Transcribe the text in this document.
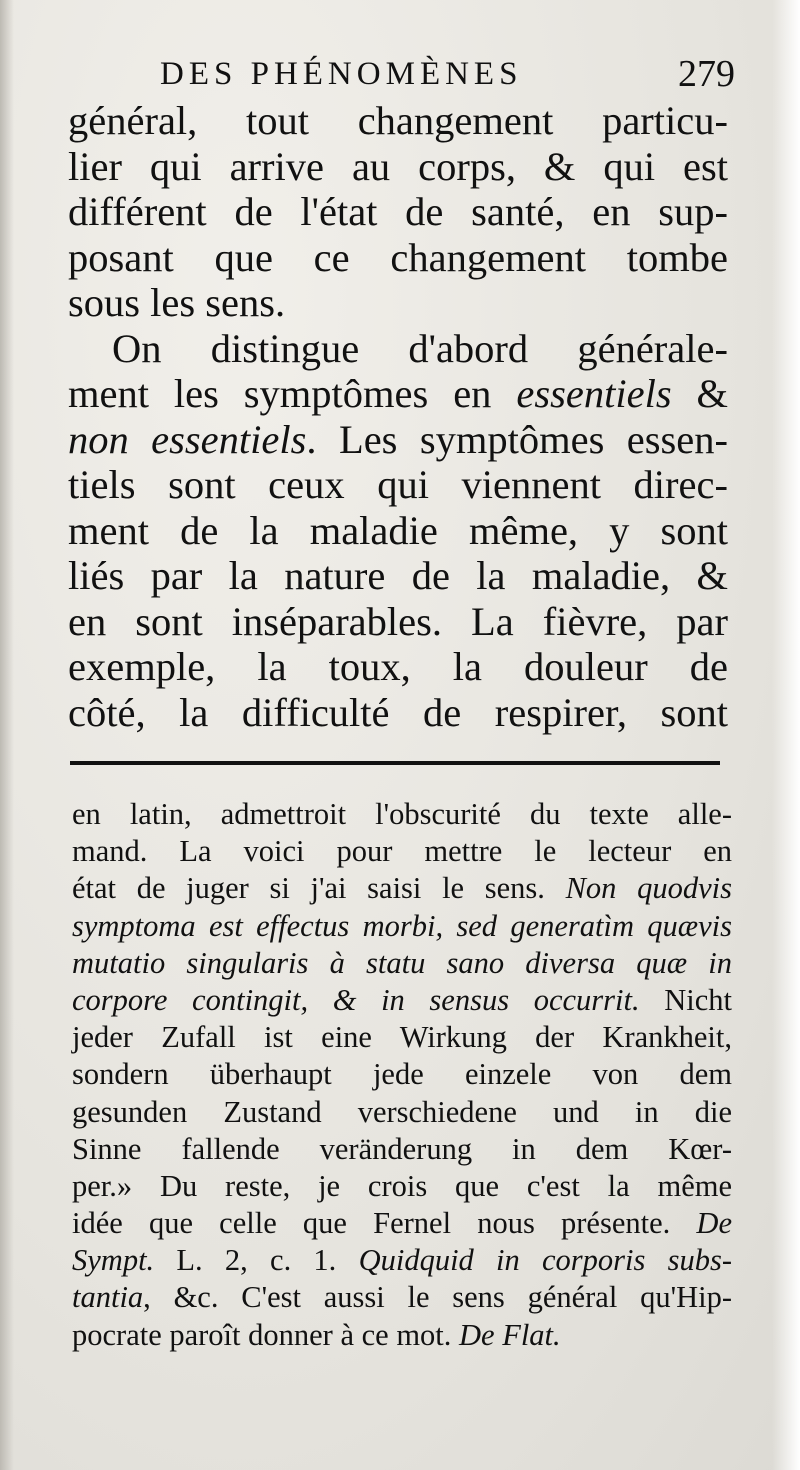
DES PHÉNOMÈNES	279
général, tout changement particu-
lier qui arrive au corps, & qui est
différent de l'état de santé, en sup-
posant que ce changement tombe
sous les sens.
On distingue d'abord générale-
ment les symptômes en essentiels &
non essentiels. Les symptômes essen-
tiels sont ceux qui viennent direc-
ment de la maladie même, y sont
liés par la nature de la maladie, &
en sont inséparables. La fièvre, par
exemple, la toux, la douleur de
côté, la difficulté de respirer, sont
en latin, admettroit l'obscurité du texte alle-
mand. La voici pour mettre le lecteur en
état de juger si j'ai saisi le sens. Non quodvis
symptoma est effectus morbi, sed generatìm quævis
mutatio singularis à statu sano diversa quæ in
corpore contingit, & in sensus occurrit. Nicht
jeder Zufall ist eine Wirkung der Krankheit,
sondern überhaupt jede einzele von dem
gesunden Zustand verschiedene und in die
Sinne fallende veränderung in dem Kœr-
per.» Du reste, je crois que c'est la même
idée que celle que Fernel nous présente. De
Sympt. L. 2, c. 1. Quidquid in corporis subs-
tantia, &c. C'est aussi le sens général qu'Hip-
pocrate paroît donner à ce mot. De Flat.
